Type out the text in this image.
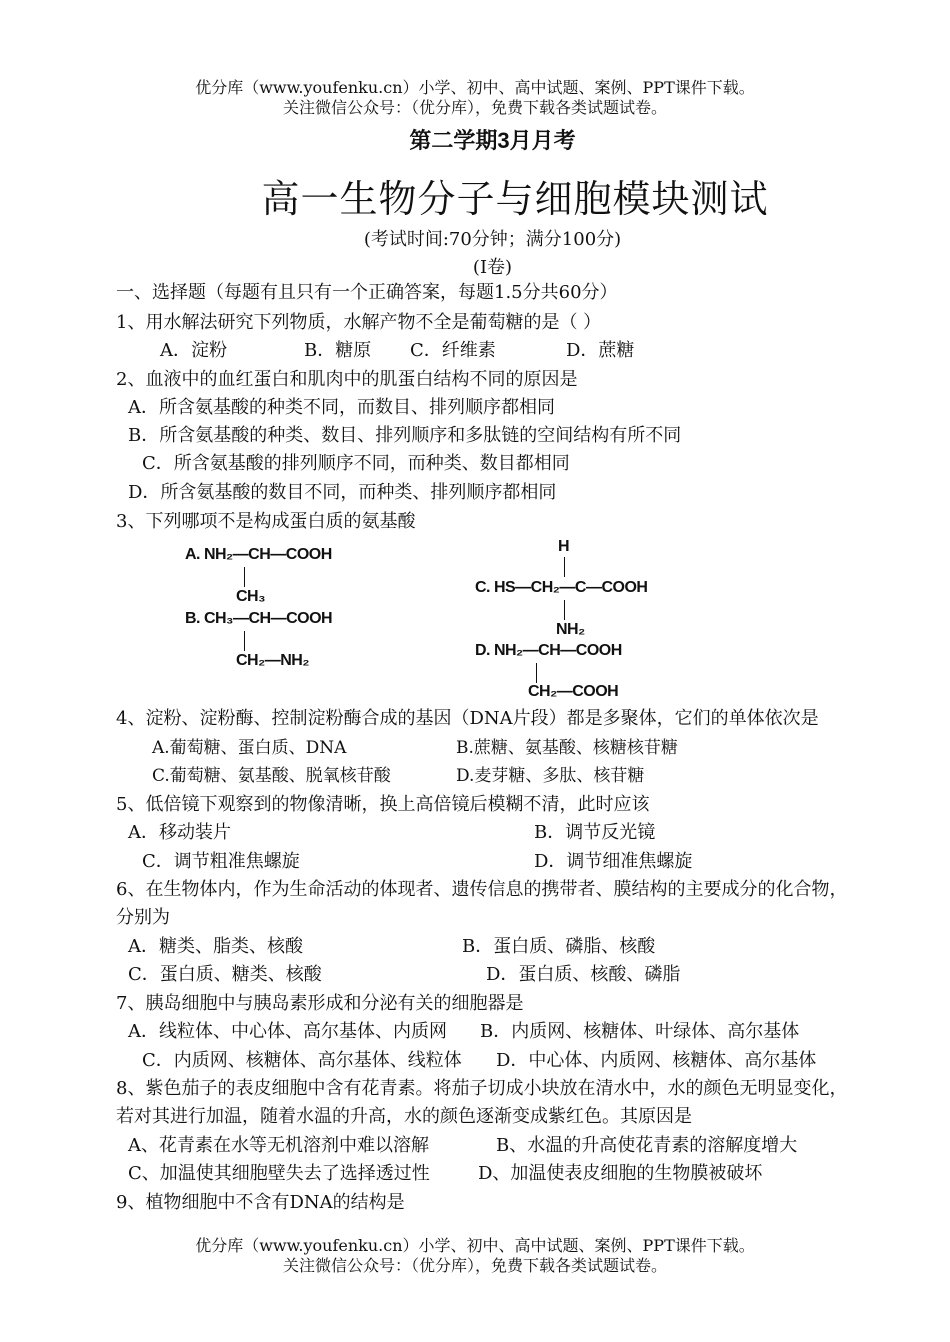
优分库（www.youfenku.cn）小学、初中、高中试题、案例、PPT课件下载。
关注微信公众号：（优分库），免费下载各类试题试卷。
第二学期3月月考
高一生物分子与细胞模块测试
(考试时间:70分钟；满分100分)
(I卷)
一、选择题（每题有且只有一个正确答案，每题1.5分共60分）
1、用水解法研究下列物质，水解产物不全是葡萄糖的是（ ）
A．淀粉	B．糖原 C．纤维素	D．蔗糖
2、血液中的血红蛋白和肌肉中的肌蛋白结构不同的原因是
A．所含氨基酸的种类不同，而数目、排列顺序都相同
B．所含氨基酸的种类、数目、排列顺序和多肽链的空间结构有所不同
C．所含氨基酸的排列顺序不同，而种类、数目都相同
D．所含氨基酸的数目不同，而种类、排列顺序都相同
3、下列哪项不是构成蛋白质的氨基酸
A. NH₂—CH—COOH
CH₃
B. CH₃—CH—COOH
CH₂—NH₂
H
C. HS—CH₂—C—COOH
NH₂
D. NH₂—CH—COOH
CH₂—COOH
4、淀粉、淀粉酶、控制淀粉酶合成的基因（DNA片段）都是多聚体，它们的单体依次是
A.葡萄糖、蛋白质、DNA	B.蔗糖、氨基酸、核糖核苷糖
C.葡萄糖、氨基酸、脱氧核苷酸	D.麦芽糖、多肽、核苷糖
5、低倍镜下观察到的物像清晰，换上高倍镜后模糊不清，此时应该
A．移动装片	B．调节反光镜
C．调节粗准焦螺旋	D．调节细准焦螺旋
6、在生物体内，作为生命活动的体现者、遗传信息的携带者、膜结构的主要成分的化合物，
分别为
A．糖类、脂类、核酸	B．蛋白质、磷脂、核酸
C．蛋白质、糖类、核酸	D．蛋白质、核酸、磷脂
7、胰岛细胞中与胰岛素形成和分泌有关的细胞器是
A．线粒体、中心体、高尔基体、内质网 B．内质网、核糖体、叶绿体、高尔基体
C．内质网、核糖体、高尔基体、线粒体 D．中心体、内质网、核糖体、高尔基体
8、紫色茄子的表皮细胞中含有花青素。将茄子切成小块放在清水中，水的颜色无明显变化，
若对其进行加温，随着水温的升高，水的颜色逐渐变成紫红色。其原因是
A、花青素在水等无机溶剂中难以溶解	B、水温的升高使花青素的溶解度增大
C、加温使其细胞壁失去了选择透过性	D、加温使表皮细胞的生物膜被破坏
9、植物细胞中不含有DNA的结构是
优分库（www.youfenku.cn）小学、初中、高中试题、案例、PPT课件下载。
关注微信公众号：（优分库），免费下载各类试题试卷。
